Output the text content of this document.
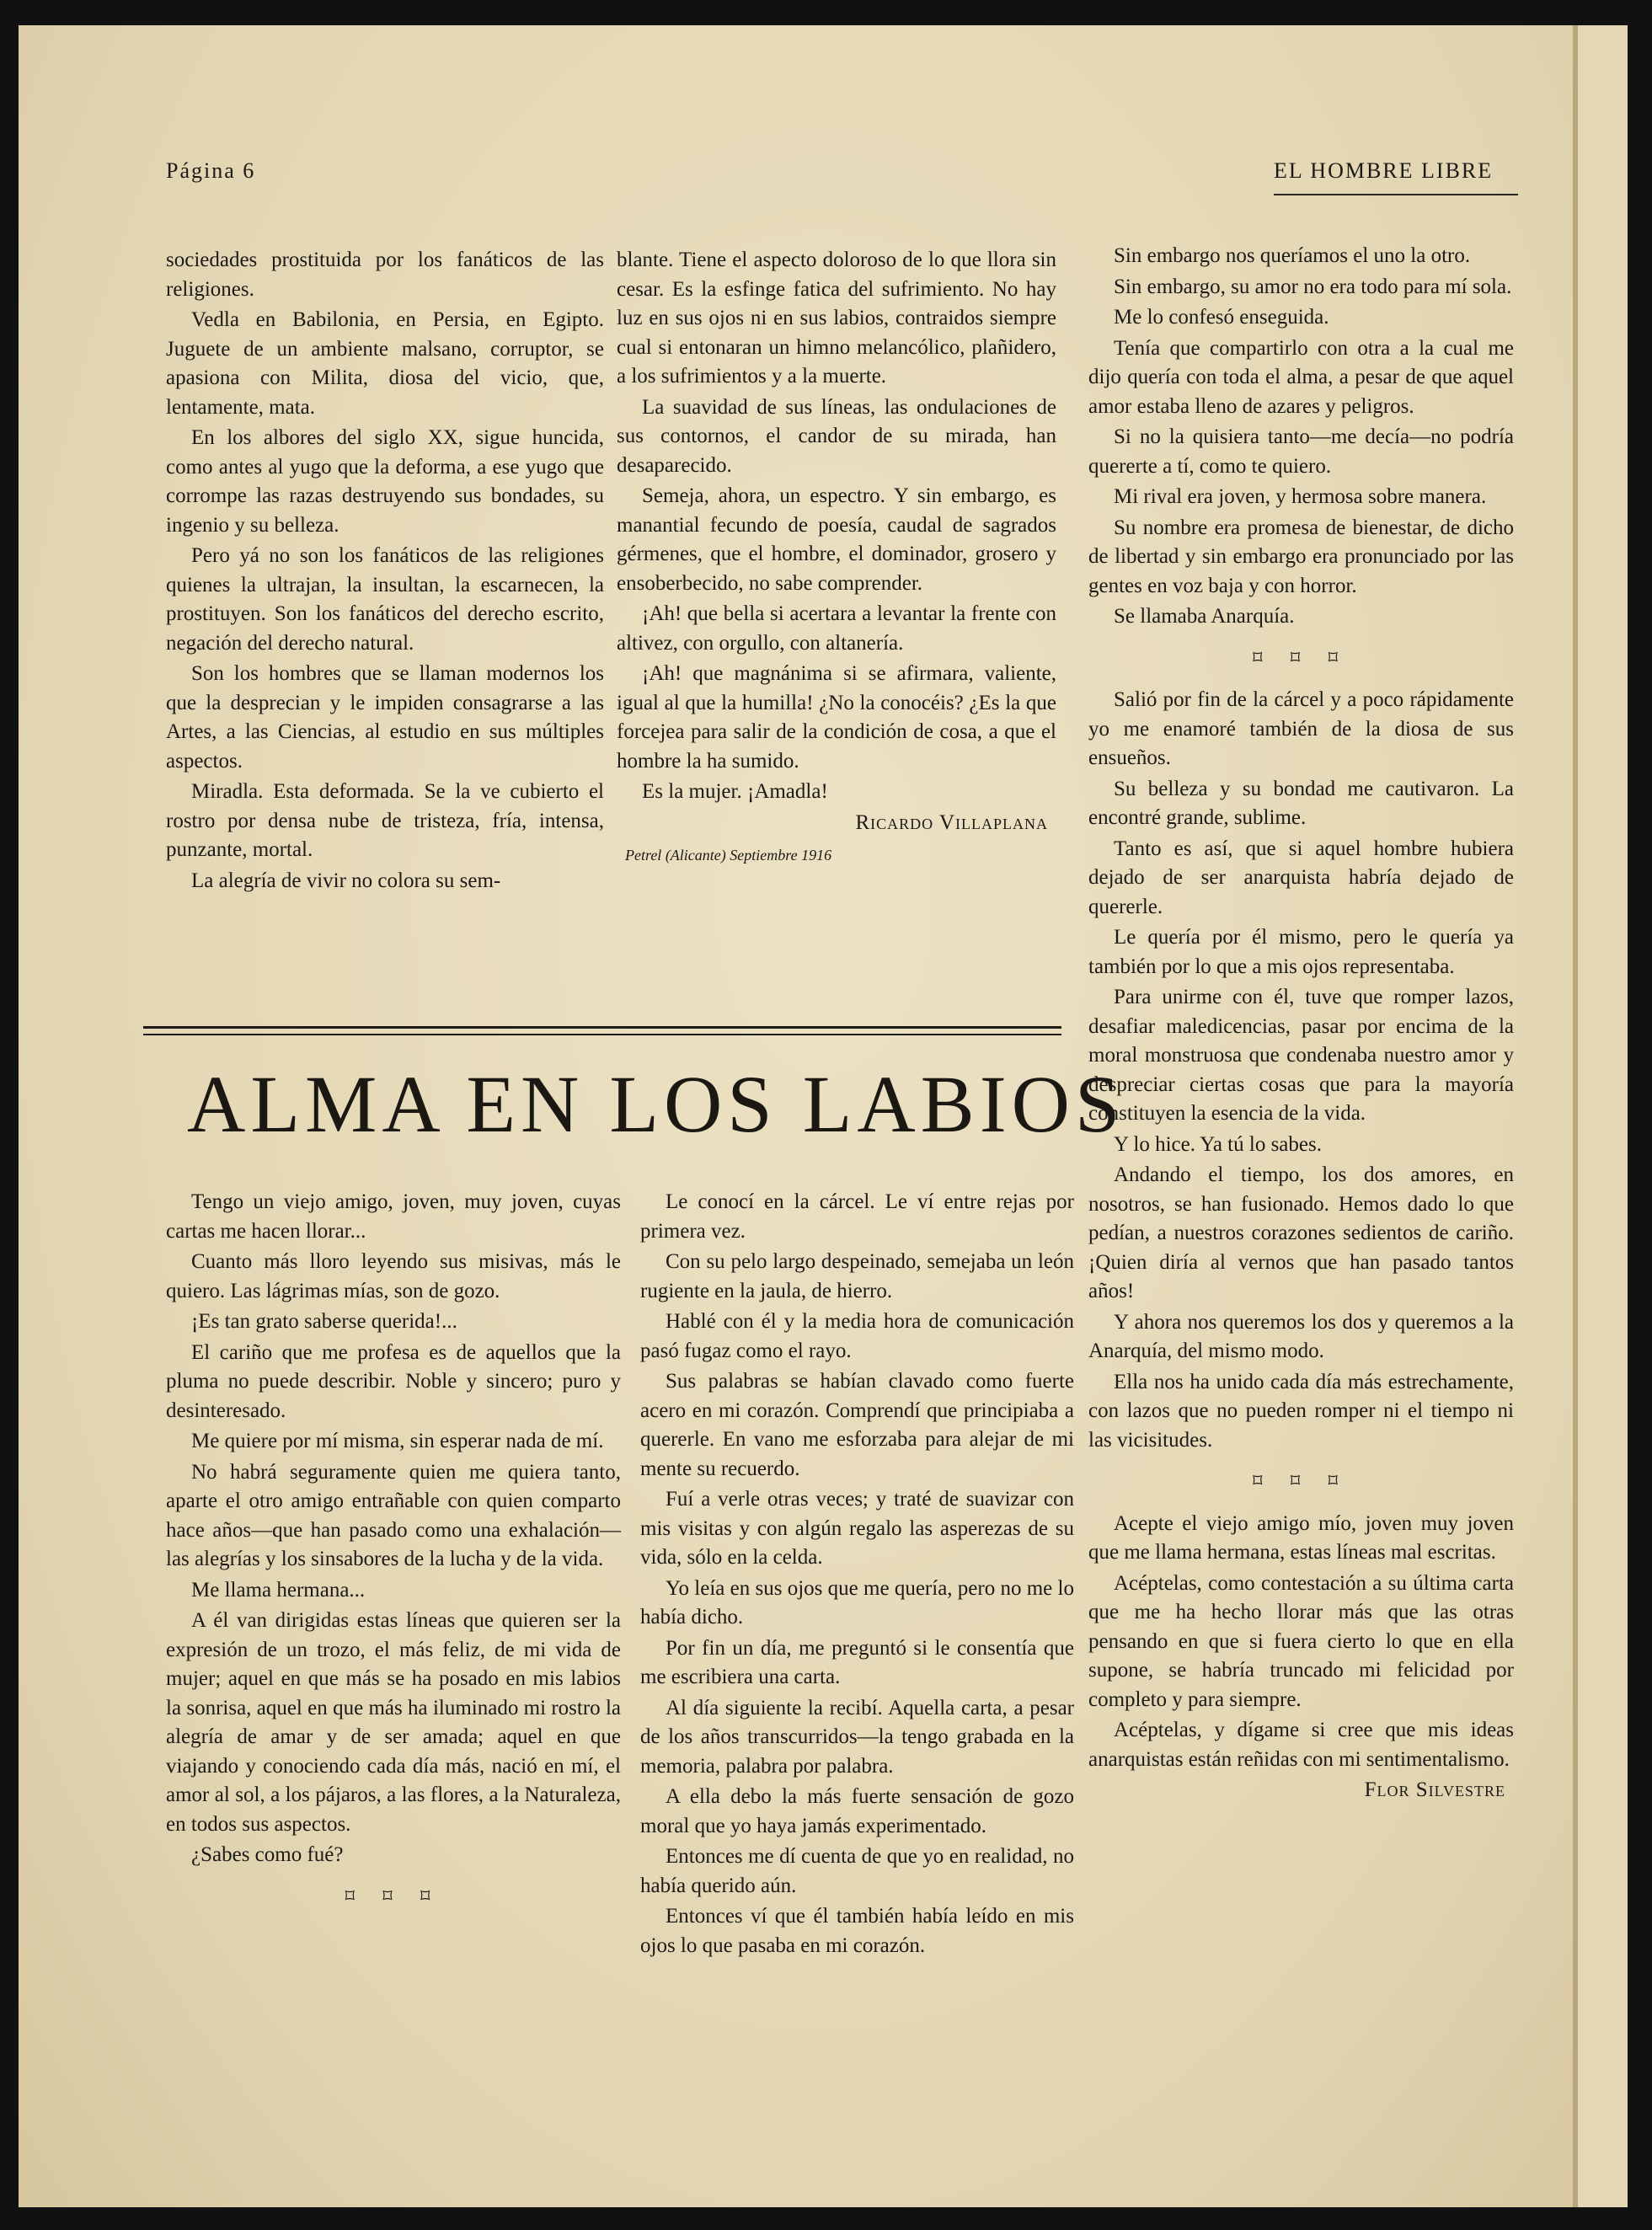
Página 6	EL HOMBRE LIBRE

sociedades prostituida por los fanáticos de las religiones.

Vedla en Babilonia, en Persia, en Egipto. Juguete de un ambiente malsano, corruptor, se apasiona con Milita, diosa del vicio, que, lentamente, mata.

En los albores del siglo XX, sigue huncida, como antes al yugo que la deforma, a ese yugo que corrompe las razas destruyendo sus bondades, su ingenio y su belleza.

Pero yá no son los fanáticos de las religiones quienes la ultrajan, la insultan, la escarnecen, la prostituyen. Son los fanáticos del derecho escrito, negación del derecho natural.

Son los hombres que se llaman modernos los que la desprecian y le impiden consagrarse a las Artes, a las Ciencias, al estudio en sus múltiples aspectos.

Miradla. Esta deformada. Se la ve cubierto el rostro por densa nube de tristeza, fría, intensa, punzante, mortal.

La alegría de vivir no colora su sem-

blante. Tiene el aspecto doloroso de lo que llora sin cesar. Es la esfinge fatica del sufrimiento. No hay luz en sus ojos ni en sus labios, contraidos siempre cual si entonaran un himno melancólico, plañidero, a los sufrimientos y a la muerte.

La suavidad de sus líneas, las ondulaciones de sus contornos, el candor de su mirada, han desaparecido.

Semeja, ahora, un espectro. Y sin embargo, es manantial fecundo de poesía, caudal de sagrados gérmenes, que el hombre, el dominador, grosero y ensoberbecido, no sabe comprender.

¡Ah! que bella si acertara a levantar la frente con altivez, con orgullo, con altanería.

¡Ah! que magnánima si se afirmara, valiente, igual al que la humilla! ¿No la conocéis? ¿Es la que forcejea para salir de la condición de cosa, a que el hombre la ha sumido.

Es la mujer. ¡Amadla!

Ricardo Villaplana

Petrel (Alicante) Septiembre 1916

Sin embargo nos queríamos el uno la otro.

Sin embargo, su amor no era todo para mí sola.

Me lo confesó enseguida.

Tenía que compartirlo con otra a la cual me dijo quería con toda el alma, a pesar de que aquel amor estaba lleno de azares y peligros.

Si no la quisiera tanto—me decía—no podría quererte a tí, como te quiero.

Mi rival era joven, y hermosa sobre manera.

Su nombre era promesa de bienestar, de dicho de libertad y sin embargo era pronunciado por las gentes en voz baja y con horror.

Se llamaba Anarquía.

⌑ ⌑ ⌑

Salió por fin de la cárcel y a poco rápidamente yo me enamoré también de la diosa de sus ensueños.

Su belleza y su bondad me cautivaron. La encontré grande, sublime.

Tanto es así, que si aquel hombre hubiera dejado de ser anarquista habría dejado de quererle.

Le quería por él mismo, pero le quería ya también por lo que a mis ojos representaba.

Para unirme con él, tuve que romper lazos, desafiar maledicencias, pasar por encima de la moral monstruosa que condenaba nuestro amor y despreciar ciertas cosas que para la mayoría constituyen la esencia de la vida.

Y lo hice. Ya tú lo sabes.

Andando el tiempo, los dos amores, en nosotros, se han fusionado. Hemos dado lo que pedían, a nuestros corazones sedientos de cariño. ¡Quien diría al vernos que han pasado tantos años!

Y ahora nos queremos los dos y queremos a la Anarquía, del mismo modo.

Ella nos ha unido cada día más estrechamente, con lazos que no pueden romper ni el tiempo ni las vicisitudes.

⌑ ⌑ ⌑

Acepte el viejo amigo mío, joven muy joven que me llama hermana, estas líneas mal escritas.

Acéptelas, como contestación a su última carta que me ha hecho llorar más que las otras pensando en que si fuera cierto lo que en ella supone, se habría truncado mi felicidad por completo y para siempre.

Acéptelas, y dígame si cree que mis ideas anarquistas están reñidas con mi sentimentalismo.

Flor Silvestre

ALMA EN LOS LABIOS

Tengo un viejo amigo, joven, muy joven, cuyas cartas me hacen llorar...

Cuanto más lloro leyendo sus misivas, más le quiero. Las lágrimas mías, son de gozo.

¡Es tan grato saberse querida!...

El cariño que me profesa es de aquellos que la pluma no puede describir. Noble y sincero; puro y desinteresado.

Me quiere por mí misma, sin esperar nada de mí.

No habrá seguramente quien me quiera tanto, aparte el otro amigo entrañable con quien comparto hace años—que han pasado como una exhalación—las alegrías y los sinsabores de la lucha y de la vida.

Me llama hermana...

A él van dirigidas estas líneas que quieren ser la expresión de un trozo, el más feliz, de mi vida de mujer; aquel en que más se ha posado en mis labios la sonrisa, aquel en que más ha iluminado mi rostro la alegría de amar y de ser amada; aquel en que viajando y conociendo cada día más, nació en mí, el amor al sol, a los pájaros, a las flores, a la Naturaleza, en todos sus aspectos.

¿Sabes como fué?

⌑ ⌑ ⌑

Le conocí en la cárcel. Le ví entre rejas por primera vez.

Con su pelo largo despeinado, semejaba un león rugiente en la jaula, de hierro.

Hablé con él y la media hora de comunicación pasó fugaz como el rayo.

Sus palabras se habían clavado como fuerte acero en mi corazón. Comprendí que principiaba a quererle. En vano me esforzaba para alejar de mi mente su recuerdo.

Fuí a verle otras veces; y traté de suavizar con mis visitas y con algún regalo las asperezas de su vida, sólo en la celda.

Yo leía en sus ojos que me quería, pero no me lo había dicho.

Por fin un día, me preguntó si le consentía que me escribiera una carta.

Al día siguiente la recibí. Aquella carta, a pesar de los años transcurridos—la tengo grabada en la memoria, palabra por palabra.

A ella debo la más fuerte sensación de gozo moral que yo haya jamás experimentado.

Entonces me dí cuenta de que yo en realidad, no había querido aún.

Entonces ví que él también había leído en mis ojos lo que pasaba en mi corazón.
